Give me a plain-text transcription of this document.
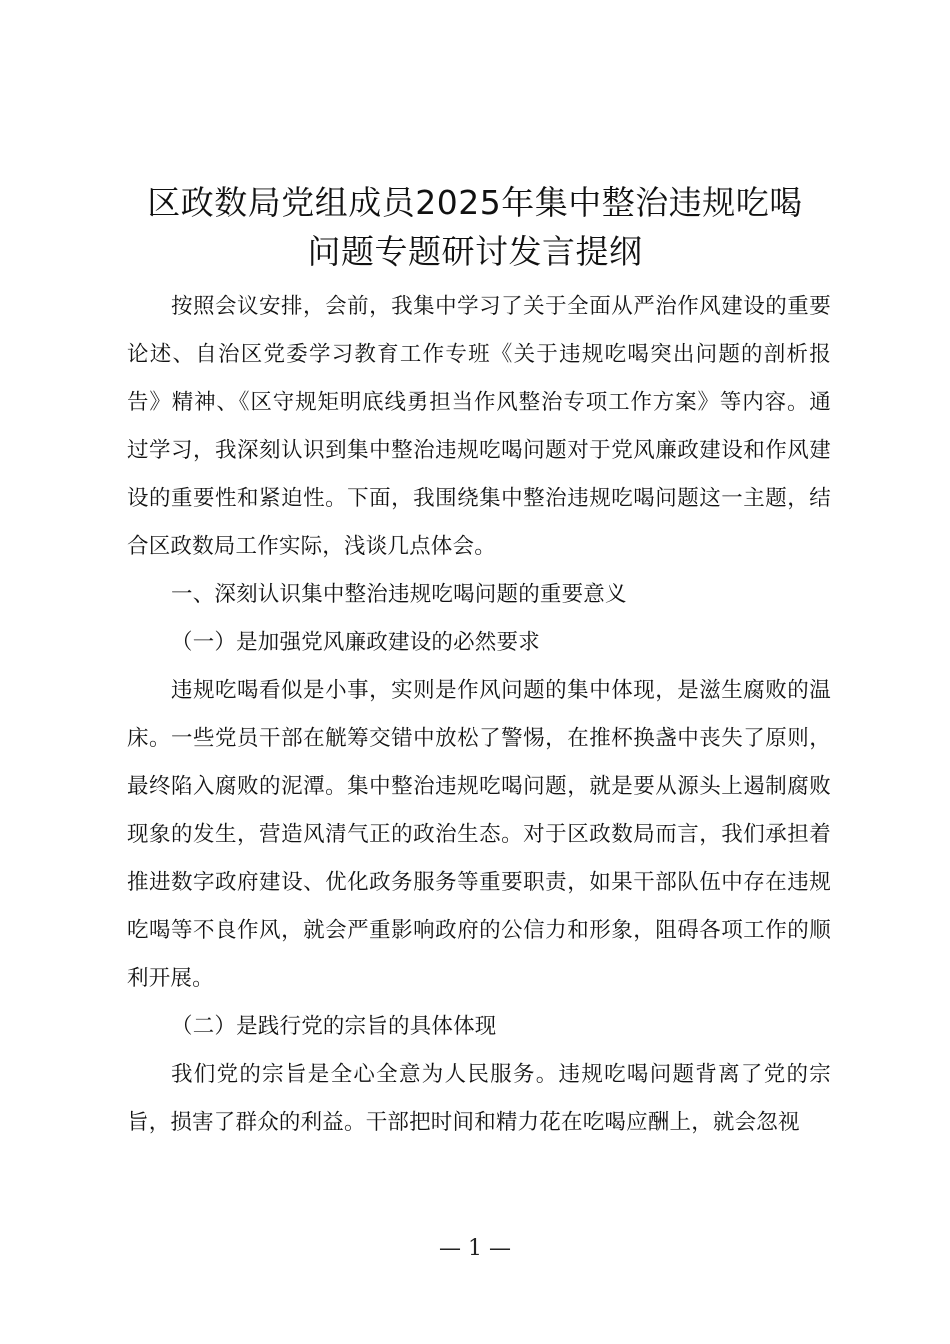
区政数局党组成员2025年集中整治违规吃喝
问题专题研讨发言提纲

按照会议安排，会前，我集中学习了关于全面从严治作风建设的重要论述、自治区党委学习教育工作专班《关于违规吃喝突出问题的剖析报告》精神、《区守规矩明底线勇担当作风整治专项工作方案》等内容。通过学习，我深刻认识到集中整治违规吃喝问题对于党风廉政建设和作风建设的重要性和紧迫性。下面，我围绕集中整治违规吃喝问题这一主题，结合区政数局工作实际，浅谈几点体会。

一、深刻认识集中整治违规吃喝问题的重要意义

（一）是加强党风廉政建设的必然要求

违规吃喝看似是小事，实则是作风问题的集中体现，是滋生腐败的温床。一些党员干部在觥筹交错中放松了警惕，在推杯换盏中丧失了原则，最终陷入腐败的泥潭。集中整治违规吃喝问题，就是要从源头上遏制腐败现象的发生，营造风清气正的政治生态。对于区政数局而言，我们承担着推进数字政府建设、优化政务服务等重要职责，如果干部队伍中存在违规吃喝等不良作风，就会严重影响政府的公信力和形象，阻碍各项工作的顺利开展。

（二）是践行党的宗旨的具体体现

我们党的宗旨是全心全意为人民服务。违规吃喝问题背离了党的宗旨，损害了群众的利益。干部把时间和精力花在吃喝应酬上，就会忽视

— 1 —
